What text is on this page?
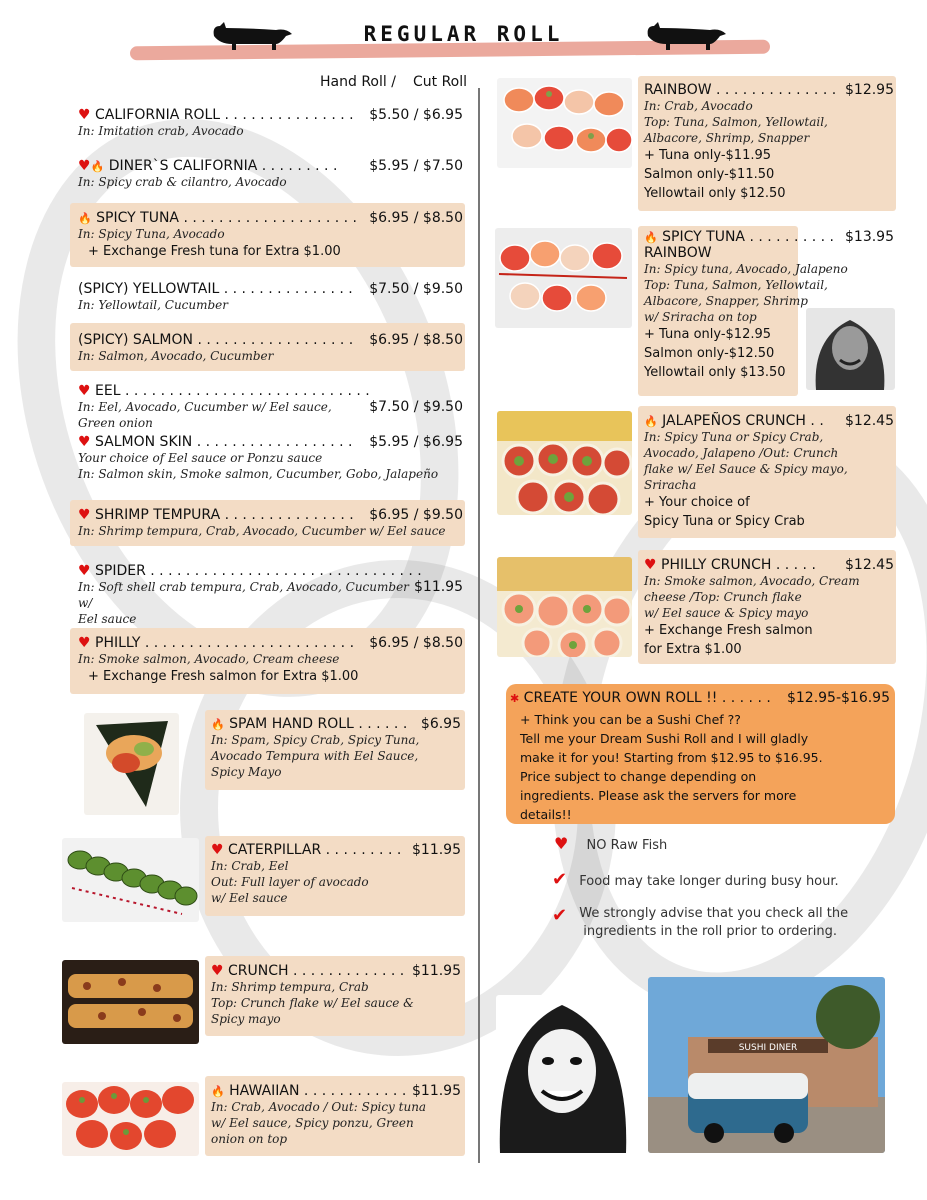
REGULAR ROLL
Hand Roll / Cut Roll
♥ CALIFORNIA ROLL . . . . . . . . . . . . . . . $5.50 / $6.95
In: Imitation crab, Avocado
♥🔥 DINER`S CALIFORNIA . . . . . . . . . $5.95 / $7.50
In: Spicy crab & cilantro, Avocado
🔥 SPICY TUNA . . . . . . . . . . . . . . . . . . . . $6.95 / $8.50
In: Spicy Tuna, Avocado
+ Exchange Fresh tuna for Extra $1.00
(SPICY) YELLOWTAIL . . . . . . . . . . . . . . . $7.50 / $9.50
In: Yellowtail, Cucumber
(SPICY) SALMON . . . . . . . . . . . . . . . . . . $6.95 / $8.50
In: Salmon, Avocado, Cucumber
♥ EEL . . . . . . . . . . . . . . . . . . . . . . . . . . . .
$7.50 / $9.50
In: Eel, Avocado, Cucumber w/ Eel sauce, Green onion
♥ SALMON SKIN . . . . . . . . . . . . . . . . . . $5.95 / $6.95
Your choice of Eel sauce or Ponzu sauce
In: Salmon skin, Smoke salmon, Cucumber, Gobo, Jalapeño
♥ SHRIMP TEMPURA . . . . . . . . . . . . . . . $6.95 / $9.50
In: Shrimp tempura, Crab, Avocado, Cucumber w/ Eel sauce
♥ SPIDER . . . . . . . . . . . . . . . . . . . . . . . . . . . . . . .
$11.95
In: Soft shell crab tempura, Crab, Avocado, Cucumber w/
Eel sauce
♥ PHILLY . . . . . . . . . . . . . . . . . . . . . . . . $6.95 / $8.50
In: Smoke salmon, Avocado, Cream cheese
+ Exchange Fresh salmon for Extra $1.00
🔥 SPAM HAND ROLL . . . . . . $6.95
In: Spam, Spicy Crab, Spicy Tuna,
Avocado Tempura with Eel Sauce,
Spicy Mayo
♥ CATERPILLAR . . . . . . . . . $11.95
In: Crab, Eel
Out: Full layer of avocado
w/ Eel sauce
♥ CRUNCH . . . . . . . . . . . . . $11.95
In: Shrimp tempura, Crab
Top: Crunch flake w/ Eel sauce &
Spicy mayo
🔥 HAWAIIAN . . . . . . . . . . . . $11.95
In: Crab, Avocado / Out: Spicy tuna
w/ Eel sauce, Spicy ponzu, Green
onion on top
RAINBOW . . . . . . . . . . . . . . $12.95
In: Crab, Avocado
Top: Tuna, Salmon, Yellowtail,
Albacore, Shrimp, Snapper
+ Tuna only-$11.95
Salmon only-$11.50
Yellowtail only $12.50
🔥 SPICY TUNA . . . . . . . . . . $13.95
RAINBOW
In: Spicy tuna, Avocado, Jalapeno
Top: Tuna, Salmon, Yellowtail,
Albacore, Snapper, Shrimp
w/ Sriracha on top
+ Tuna only-$12.95
Salmon only-$12.50
Yellowtail only $13.50
🔥 JALAPEÑOS CRUNCH . . $12.45
In: Spicy Tuna or Spicy Crab,
Avocado, Jalapeno /Out: Crunch
flake w/ Eel Sauce & Spicy mayo,
Sriracha
+ Your choice of
Spicy Tuna or Spicy Crab
♥ PHILLY CRUNCH . . . . . $12.45
In: Smoke salmon, Avocado, Cream
cheese /Top: Crunch flake
w/ Eel sauce & Spicy mayo
+ Exchange Fresh salmon
for Extra $1.00
✱ CREATE YOUR OWN ROLL !! . . . . . . $12.95-$16.95
+ Think you can be a Sushi Chef ??
Tell me your Dream Sushi Roll and I will gladly
make it for you! Starting from $12.95 to $16.95.
Price subject to change depending on
ingredients. Please ask the servers for more
details!!
♥ NO Raw Fish
✔ Food may take longer during busy hour.
✔ We strongly advise that you check all the
ingredients in the roll prior to ordering.
SUSHI DINER
